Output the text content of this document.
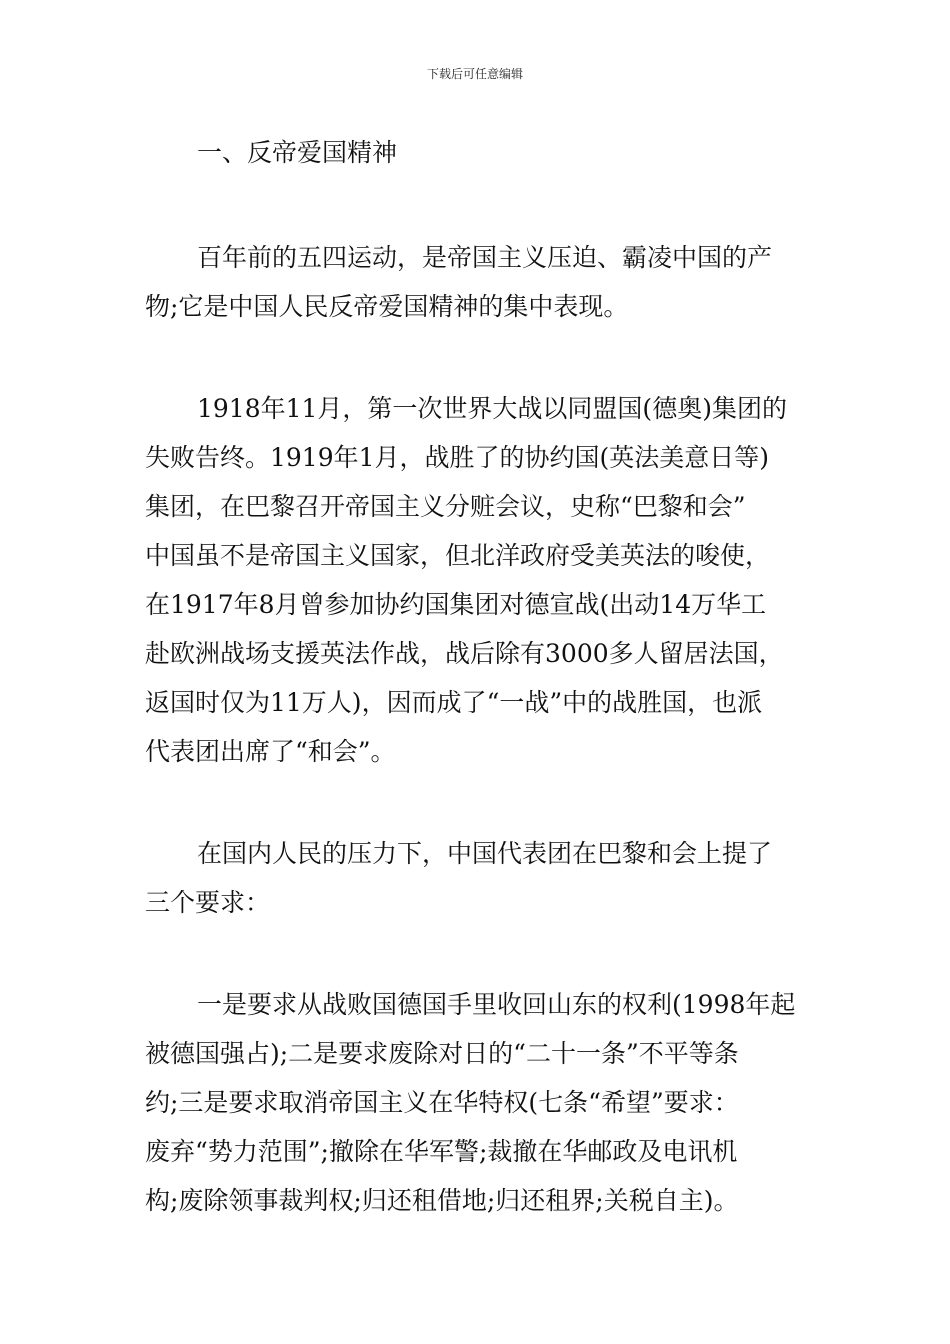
下载后可任意编辑
一、反帝爱国精神
百年前的五四运动，是帝国主义压迫、霸凌中国的产
物;它是中国人民反帝爱国精神的集中表现。
1918年11月，第一次世界大战以同盟国(德奥)集团的
失败告终。1919年1月，战胜了的协约国(英法美意日等)
集团，在巴黎召开帝国主义分赃会议，史称“巴黎和会”
中国虽不是帝国主义国家，但北洋政府受美英法的唆使，
在1917年8月曾参加协约国集团对德宣战(出动14万华工
赴欧洲战场支援英法作战，战后除有3000多人留居法国，
返国时仅为11万人)，因而成了“一战”中的战胜国，也派
代表团出席了“和会”。
在国内人民的压力下，中国代表团在巴黎和会上提了
三个要求：
一是要求从战败国德国手里收回山东的权利(1998年起
被德国强占);二是要求废除对日的“二十一条”不平等条
约;三是要求取消帝国主义在华特权(七条“希望”要求：
废弃“势力范围”;撤除在华军警;裁撤在华邮政及电讯机
构;废除领事裁判权;归还租借地;归还租界;关税自主)。
